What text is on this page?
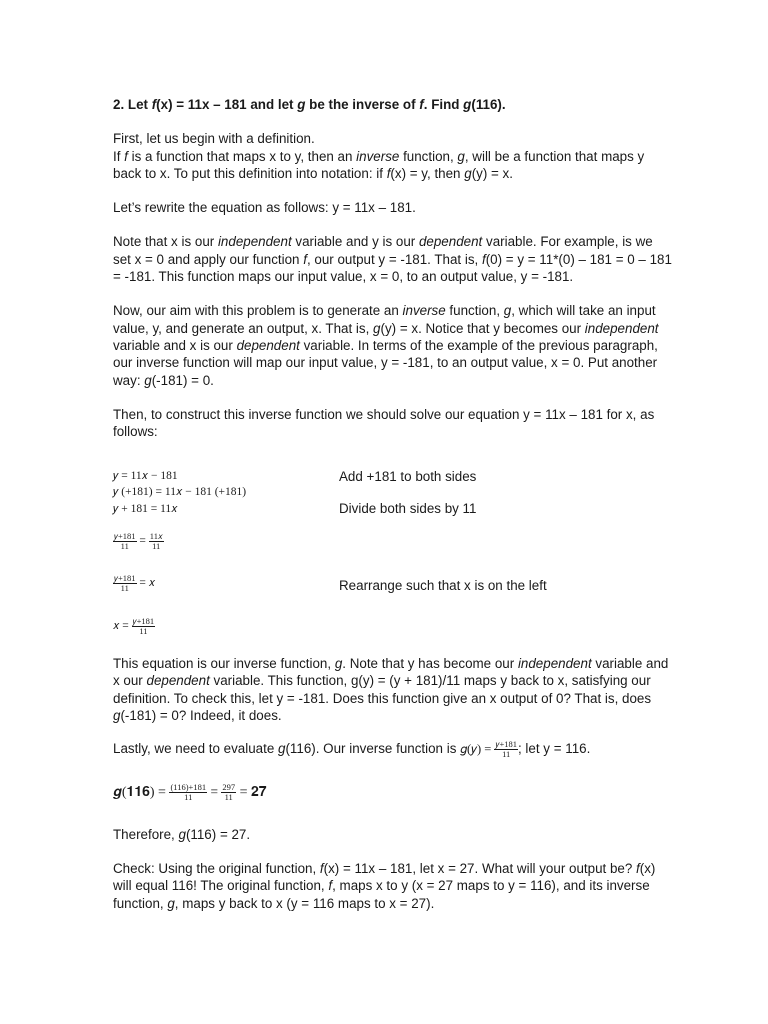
2. Let f(x) = 11x – 181 and let g be the inverse of f. Find g(116).

First, let us begin with a definition.

If f is a function that maps x to y, then an inverse function, g, will be a function that maps y back to x. To put this definition into notation: if f(x) = y, then g(y) = x.

Let’s rewrite the equation as follows: y = 11x – 181.

Note that x is our independent variable and y is our dependent variable. For example, is we set x = 0 and apply our function f, our output y = -181. That is, f(0) = y = 11*(0) – 181 = 0 – 181 = -181. This function maps our input value, x = 0, to an output value, y = -181.

Now, our aim with this problem is to generate an inverse function, g, which will take an input value, y, and generate an output, x. That is, g(y) = x. Notice that y becomes our independent variable and x is our dependent variable. In terms of the example of the previous paragraph, our inverse function will map our input value, y = -181, to an output value, x = 0. Put another way: g(-181) = 0.

Then, to construct this inverse function we should solve our equation y = 11x – 181 for x, as follows:

𝑦 = 11𝑥 − 181	Add +181 to both sides
𝑦 (+181) = 11𝑥 − 181 (+181)
𝑦 + 181 = 11𝑥	Divide both sides by 11
$\frac{\text{𝑦+181}}{11} = \frac{\text{11𝑥}}{11}$
$\frac{\text{𝑦+181}}{11}$ = 𝑥	Rearrange such that x is on the left
𝑥 = $\frac{\text{𝑦+181}}{11}$
This equation is our inverse function, g. Note that y has become our independent variable and x our dependent variable. This function, g(y) = (y + 181)/11 maps y back to x, satisfying our definition. To check this, let y = -181. Does this function give an x output of 0? That is, does g(-181) = 0? Indeed, it does.
Lastly, we need to evaluate g(116). Our inverse function is 𝑔(𝑦) = $\frac{\text{𝑦+181}}{11}$ ; let y = 116.
𝒈(𝟏𝟏𝟔) = $\frac{(116)+181}{11} = \frac{297}{11}$ = 𝟐𝟕
Therefore, g(116) = 27.
Check: Using the original function, f(x) = 11x – 181, let x = 27. What will your output be? f(x) will equal 116! The original function, f, maps x to y (x = 27 maps to y = 116), and its inverse function, g, maps y back to x (y = 116 maps to x = 27).
